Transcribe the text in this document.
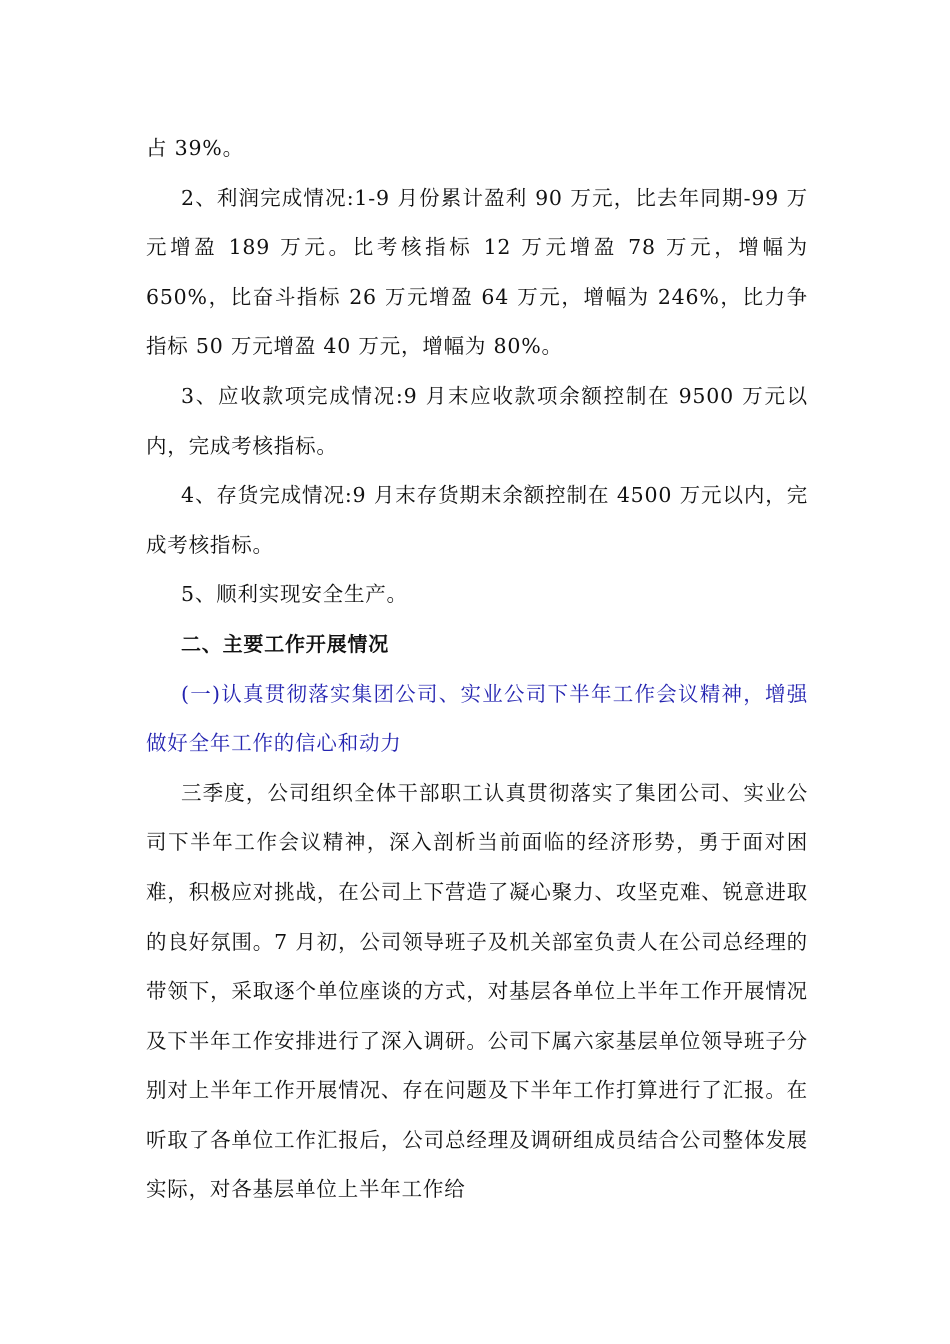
占 39%。

2、利润完成情况:1-9 月份累计盈利 90 万元，比去年同期-99 万元增盈 189 万元。比考核指标 12 万元增盈 78 万元，增幅为 650%，比奋斗指标 26 万元增盈 64 万元，增幅为 246%，比力争指标 50 万元增盈 40 万元，增幅为 80%。

3、应收款项完成情况:9 月末应收款项余额控制在 9500 万元以内，完成考核指标。

4、存货完成情况:9 月末存货期末余额控制在 4500 万元以内，完成考核指标。

5、顺利实现安全生产。

二、主要工作开展情况

(一)认真贯彻落实集团公司、实业公司下半年工作会议精神，增强做好全年工作的信心和动力

三季度，公司组织全体干部职工认真贯彻落实了集团公司、实业公司下半年工作会议精神，深入剖析当前面临的经济形势，勇于面对困难，积极应对挑战，在公司上下营造了凝心聚力、攻坚克难、锐意进取的良好氛围。7 月初，公司领导班子及机关部室负责人在公司总经理的带领下，采取逐个单位座谈的方式，对基层各单位上半年工作开展情况及下半年工作安排进行了深入调研。公司下属六家基层单位领导班子分别对上半年工作开展情况、存在问题及下半年工作打算进行了汇报。在听取了各单位工作汇报后，公司总经理及调研组成员结合公司整体发展实际，对各基层单位上半年工作给
